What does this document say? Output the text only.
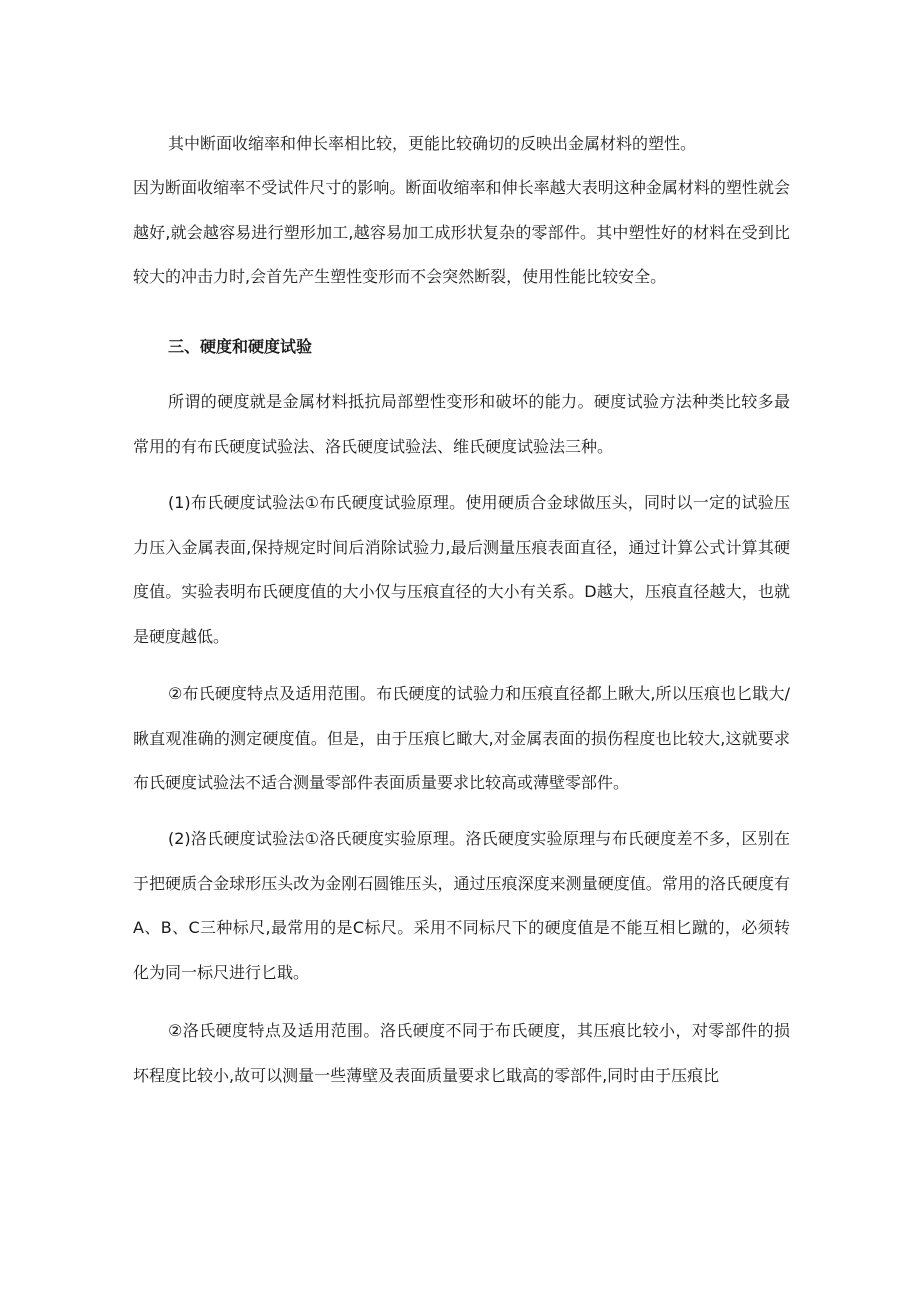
其中断面收缩率和伸长率相比较，更能比较确切的反映出金属材料的塑性。

因为断面收缩率不受试件尺寸的影响。断面收缩率和伸长率越大表明这种金属材料的塑性就会越好,就会越容易进行塑形加工,越容易加工成形状复杂的零部件。其中塑性好的材料在受到比较大的冲击力时,会首先产生塑性变形而不会突然断裂，使用性能比较安全。

三、硬度和硬度试验

所谓的硬度就是金属材料抵抗局部塑性变形和破坏的能力。硬度试验方法种类比较多最常用的有布氏硬度试验法、洛氏硬度试验法、维氏硬度试验法三种。

(1)布氏硬度试验法①布氏硬度试验原理。使用硬质合金球做压头，同时以一定的试验压力压入金属表面,保持规定时间后消除试验力,最后测量压痕表面直径，通过计算公式计算其硬度值。实验表明布氏硬度值的大小仅与压痕直径的大小有关系。D越大，压痕直径越大，也就是硬度越低。

②布氏硬度特点及适用范围。布氏硬度的试验力和压痕直径都上瞅大,所以压痕也匕戢大/瞅直观准确的测定硬度值。但是，由于压痕匕瞰大,对金属表面的损伤程度也比较大,这就要求布氏硬度试验法不适合测量零部件表面质量要求比较高或薄壁零部件。

(2)洛氏硬度试验法①洛氏硬度实验原理。洛氏硬度实验原理与布氏硬度差不多，区别在于把硬质合金球形压头改为金刚石圆锥压头，通过压痕深度来测量硬度值。常用的洛氏硬度有A、B、C三种标尺,最常用的是C标尺。采用不同标尺下的硬度值是不能互相匕蹴的，必须转化为同一标尺进行匕戢。

②洛氏硬度特点及适用范围。洛氏硬度不同于布氏硬度，其压痕比较小，对零部件的损坏程度比较小,故可以测量一些薄壁及表面质量要求匕戢高的零部件,同时由于压痕比
